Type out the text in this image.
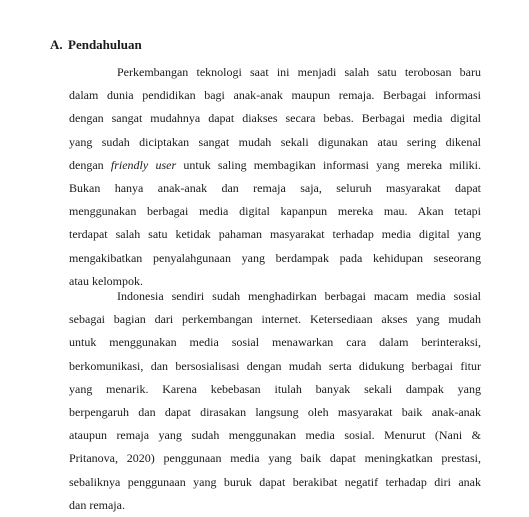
A. Pendahuluan
Perkembangan teknologi saat ini menjadi salah satu terobosan baru
dalam dunia pendidikan bagi anak-anak maupun remaja. Berbagai informasi
dengan sangat mudahnya dapat diakses secara bebas. Berbagai media digital
yang sudah diciptakan sangat mudah sekali digunakan atau sering dikenal
dengan friendly user untuk saling membagikan informasi yang mereka miliki.
Bukan hanya anak-anak dan remaja saja, seluruh masyarakat dapat
menggunakan berbagai media digital kapanpun mereka mau. Akan tetapi
terdapat salah satu ketidak pahaman masyarakat terhadap media digital yang
mengakibatkan penyalahgunaan yang berdampak pada kehidupan seseorang
atau kelompok.
Indonesia sendiri sudah menghadirkan berbagai macam media sosial
sebagai bagian dari perkembangan internet. Ketersediaan akses yang mudah
untuk menggunakan media sosial menawarkan cara dalam berinteraksi,
berkomunikasi, dan bersosialisasi dengan mudah serta didukung berbagai fitur
yang menarik. Karena kebebasan itulah banyak sekali dampak yang
berpengaruh dan dapat dirasakan langsung oleh masyarakat baik anak-anak
ataupun remaja yang sudah menggunakan media sosial. Menurut (Nani &
Pritanova, 2020) penggunaan media yang baik dapat meningkatkan prestasi,
sebaliknya penggunaan yang buruk dapat berakibat negatif terhadap diri anak
dan remaja.
